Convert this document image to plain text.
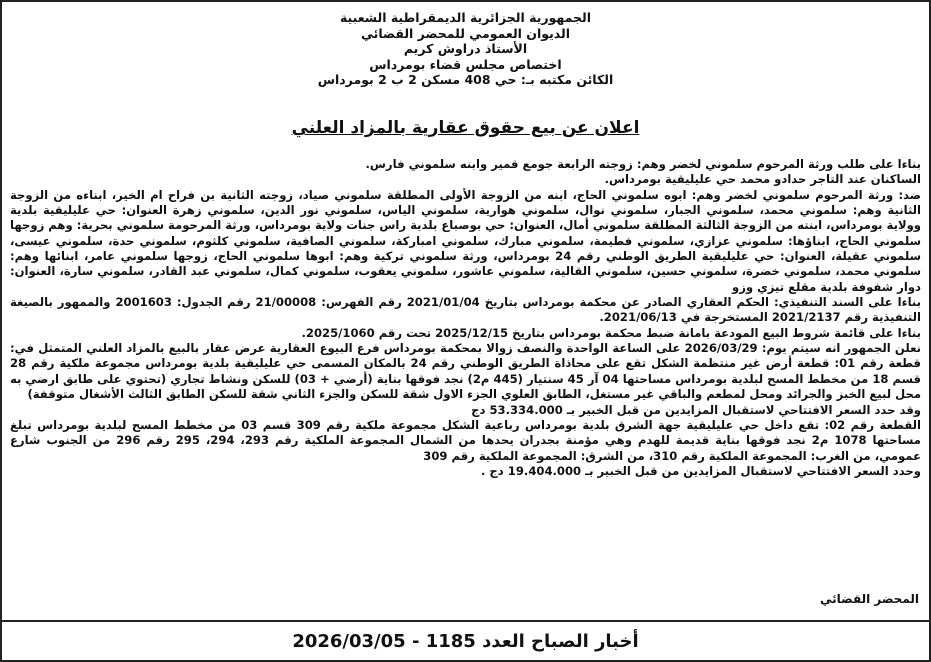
الجمهورية الجزائرية الديمقراطية الشعبية
الديوان العمومي للمحضر القضائي
الأستاذ دراوش كريم
اختصاص مجلس قضاء بومرداس
الكائن مكتبه بـ: حي 408 مسكن 2 ب 2 بومرداس
اعلان عن بيع حقوق عقارية بالمزاد العلني

بناءا على طلب ورثة المرحوم سلموني لخضر وهم: زوجته الرابعة جومع قمير وابنه سلموني فارس.

الساكنان عند التاجر حدادو محمد حي عليليقية بومرداس.

ضد: ورثة المرحوم سلموني لخضر وهم: ابوه سلموني الحاج، ابنه من الزوجة الأولى المطلقة سلموني صياد، زوجته الثانية بن فراح ام الخير، ابناءه من الزوجة الثانية وهم: سلموني محمد، سلموني الجبار، سلموني نوال، سلموني هوارية، سلموني الياس، سلموني نور الدين، سلموني زهرة العنوان: حي عليليقية بلدية وولاية بومرداس، ابنته من الزوجة الثالثة المطلقة سلموني أمال، العنوان: حي بوصباع بلدية راس جنات ولاية بومرداس، ورثة المرحومة سلموني بحرية: وهم زوجها سلموني الحاج، ابناؤها: سلموني عزازي، سلموني فطيمة، سلموني مبارك، سلموني امباركة، سلموني الصافية، سلموني كلثوم، سلموني حدة، سلموني عيسى، سلموني عقيلة، العنوان: حي عليليقية الطريق الوطني رقم 24 بومرداس، ورثة سلموني تركية وهم: ابوها سلموني الحاج، زوجها سلموني عامر، ابنائها وهم: سلموني محمد، سلموني خضرة، سلموني حسين، سلموني القالية، سلموني عاشور، سلموني يعقوب، سلموني كمال، سلموني عبد القادر، سلموني سارة، العنوان: دوار شفوفة بلدية مقلع تيزي وزو

بناءا على السند التنفيذي: الحكم العقاري الصادر عن محكمة بومرداس بتاريخ 2021/01/04 رقم الفهرس: 21/00008 رقم الجدول: 2001603 والممهور بالصيغة التنفيذية رقم 2021/2137 المستخرجة في 2021/06/13.

بناءا على قائمة شروط البيع المودعة بامانة ضبط محكمة بومرداس بتاريخ 2025/12/15 تحت رقم 2025/1060.

نعلن الجمهور انه سيتم يوم: 2026/03/29 على الساعة الواحدة والنصف زوالا بمحكمة بومرداس فرع البيوع العقارية عرض عقار بالبيع بالمزاد العلني المتمثل في: قطعة رقم 01: قطعة أرض غير منتظمة الشكل تقع على محاذاة الطريق الوطني رقم 24 بالمكان المسمى حي عليليقية بلدية بومرداس مجموعة ملكية رقم 28 قسم 18 من مخطط المسح لبلدية بومرداس مساحتها 04 آر 45 سنتيار (445 م2) نجد فوقها بناية (أرضي + 03) للسكن ونشاط تجاري (تحتوي على طابق ارضي به محل لبيع الخبز والجرائد ومحل لمطعم والباقي غير مستغل، الطابق العلوي الجزء الاول شقة للسكن والجزء الثاني شقة للسكن الطابق الثالث الأشغال متوقفة)

وقد حدد السعر الافتتاحي لاستقبال المزايدين من قبل الخبير بـ 53.334.000 دج

القطعة رقم 02: تقع داخل حي عليليقية جهة الشرق بلدية بومرداس رباعية الشكل مجموعة ملكية رقم 309 قسم 03 من مخطط المسح لبلدية بومرداس تبلغ مساحتها 1078 م2 نجد فوقها بناية قديمة للهدم وهي مؤمنة بجدران يحدها من الشمال المجموعة الملكية رقم 293، 294، 295 رقم 296 من الجنوب شارع عمومي، من الغرب: المجموعة الملكية رقم 310، من الشرق: المجموعة الملكية رقم 309

وحدد السعر الافتتاحي لاستقبال المزايدين من قبل الخبير بـ 19.404.000 دج .

المحضر القضائي
أخبار الصباح العدد 1185 -

2026/03/05
